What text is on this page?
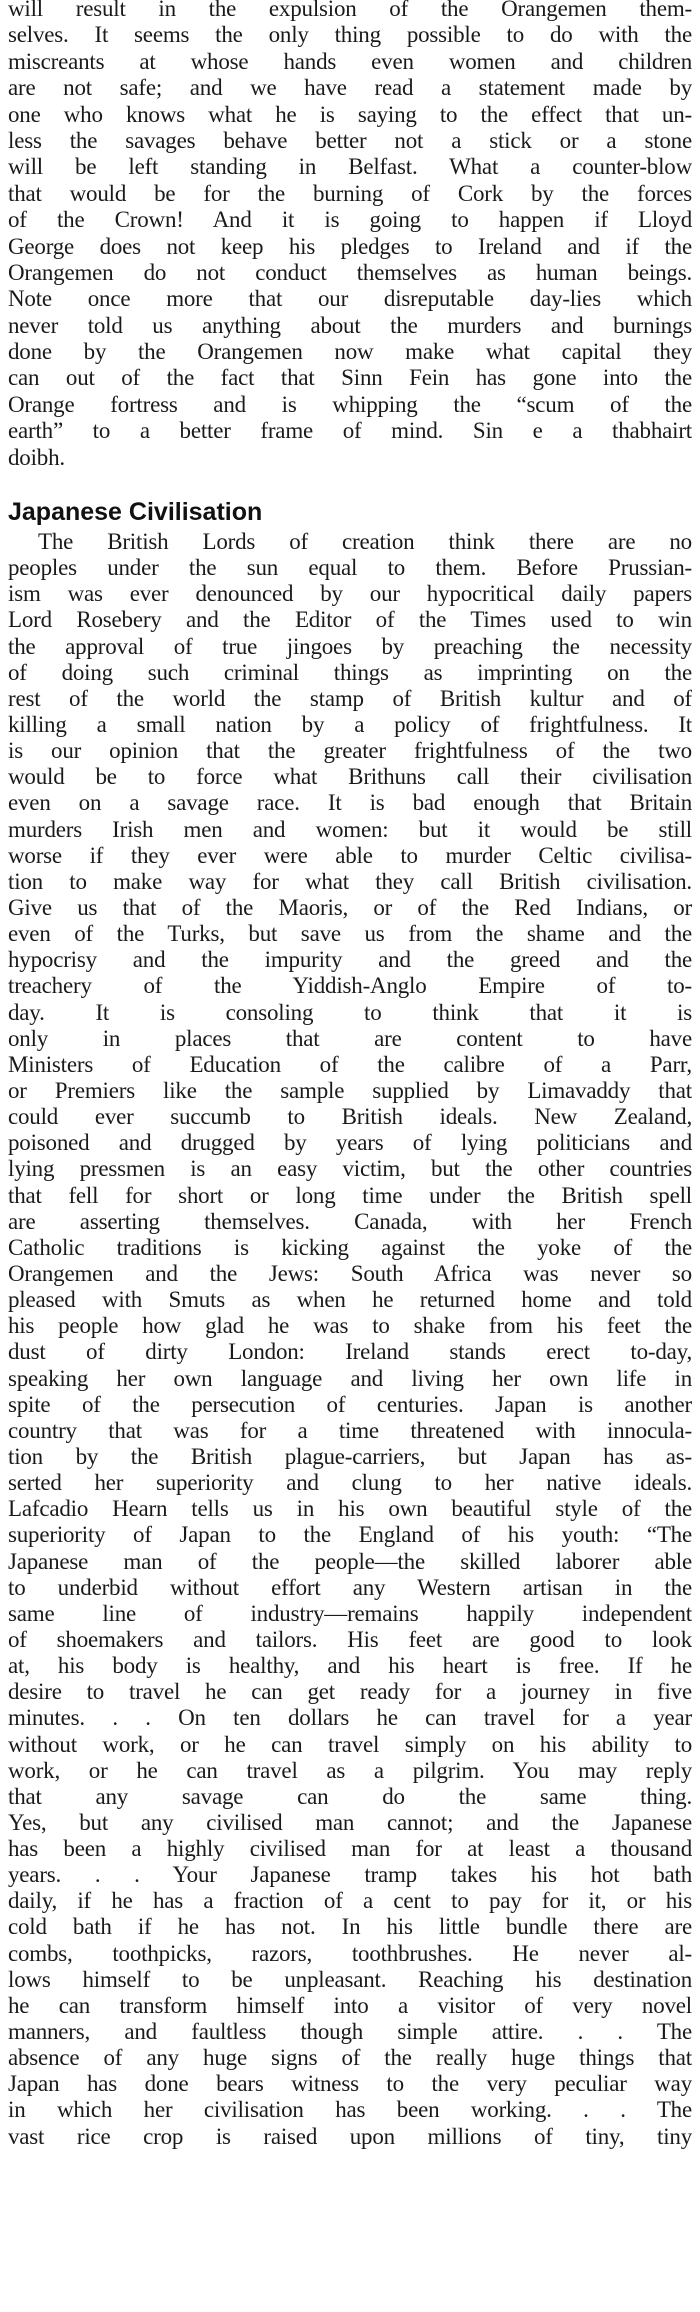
will result in the expulsion of the Orangemen them-
selves. It seems the only thing possible to do with the
miscreants at whose hands even women and children
are not safe; and we have read a statement made by
one who knows what he is saying to the effect that un-
less the savages behave better not a stick or a stone
will be left standing in Belfast. What a counter-blow
that would be for the burning of Cork by the forces
of the Crown! And it is going to happen if Lloyd
George does not keep his pledges to Ireland and if the
Orangemen do not conduct themselves as human beings.
Note once more that our disreputable day-lies which
never told us anything about the murders and burnings
done by the Orangemen now make what capital they
can out of the fact that Sinn Fein has gone into the
Orange fortress and is whipping the “scum of the
earth” to a better frame of mind. Sin e a thabhairt
doibh.
Japanese Civilisation
The British Lords of creation think there are no
peoples under the sun equal to them. Before Prussian-
ism was ever denounced by our hypocritical daily papers
Lord Rosebery and the Editor of the Times used to win
the approval of true jingoes by preaching the necessity
of doing such criminal things as imprinting on the
rest of the world the stamp of British kultur and of
killing a small nation by a policy of frightfulness. It
is our opinion that the greater frightfulness of the two
would be to force what Brithuns call their civilisation
even on a savage race. It is bad enough that Britain
murders Irish men and women: but it would be still
worse if they ever were able to murder Celtic civilisa-
tion to make way for what they call British civilisation.
Give us that of the Maoris, or of the Red Indians, or
even of the Turks, but save us from the shame and the
hypocrisy and the impurity and the greed and the
treachery of the Yiddish-Anglo Empire of to-
day. It is consoling to think that it is
only in places that are content to have
Ministers of Education of the calibre of a Parr,
or Premiers like the sample supplied by Limavaddy that
could ever succumb to British ideals. New Zealand,
poisoned and drugged by years of lying politicians and
lying pressmen is an easy victim, but the other countries
that fell for short or long time under the British spell
are asserting themselves. Canada, with her French
Catholic traditions is kicking against the yoke of the
Orangemen and the Jews: South Africa was never so
pleased with Smuts as when he returned home and told
his people how glad he was to shake from his feet the
dust of dirty London: Ireland stands erect to-day,
speaking her own language and living her own life in
spite of the persecution of centuries. Japan is another
country that was for a time threatened with innocula-
tion by the British plague-carriers, but Japan has as-
serted her superiority and clung to her native ideals.
Lafcadio Hearn tells us in his own beautiful style of the
superiority of Japan to the England of his youth: “The
Japanese man of the people—the skilled laborer able
to underbid without effort any Western artisan in the
same line of industry—remains happily independent
of shoemakers and tailors. His feet are good to look
at, his body is healthy, and his heart is free. If he
desire to travel he can get ready for a journey in five
minutes. . . On ten dollars he can travel for a year
without work, or he can travel simply on his ability to
work, or he can travel as a pilgrim. You may reply
that any savage can do the same thing.
Yes, but any civilised man cannot; and the Japanese
has been a highly civilised man for at least a thousand
years. . . Your Japanese tramp takes his hot bath
daily, if he has a fraction of a cent to pay for it, or his
cold bath if he has not. In his little bundle there are
combs, toothpicks, razors, toothbrushes. He never al-
lows himself to be unpleasant. Reaching his destination
he can transform himself into a visitor of very novel
manners, and faultless though simple attire. . . The
absence of any huge signs of the really huge things that
Japan has done bears witness to the very peculiar way
in which her civilisation has been working. . . The
vast rice crop is raised upon millions of tiny, tiny
